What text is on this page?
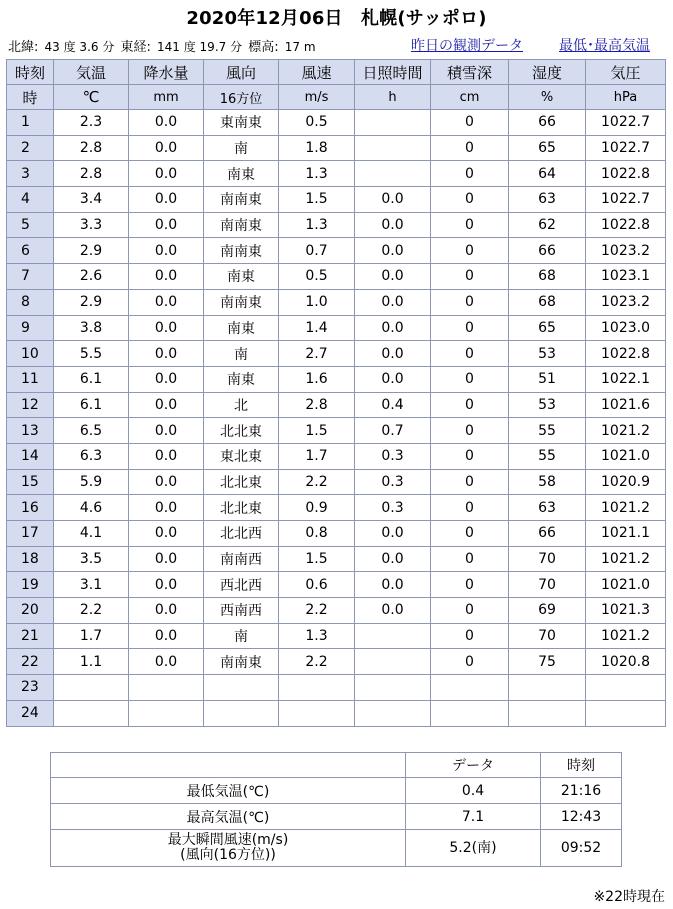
2020年12月06日　札幌(サッポロ)
北緯: 43 度 3.6 分 東経: 141 度 19.7 分 標高: 17 m	昨日の観測データ	最低･最高気温
時刻	気温	降水量	風向	風速	日照時間	積雪深	湿度	気圧
時	℃	mm	16方位	m/s	h	cm	%	hPa
1	2.3	0.0	東南東	0.5		0	66	1022.7
2	2.8	0.0	南	1.8		0	65	1022.7
3	2.8	0.0	南東	1.3		0	64	1022.8
4	3.4	0.0	南南東	1.5	0.0	0	63	1022.7
5	3.3	0.0	南南東	1.3	0.0	0	62	1022.8
6	2.9	0.0	南南東	0.7	0.0	0	66	1023.2
7	2.6	0.0	南東	0.5	0.0	0	68	1023.1
8	2.9	0.0	南南東	1.0	0.0	0	68	1023.2
9	3.8	0.0	南東	1.4	0.0	0	65	1023.0
10	5.5	0.0	南	2.7	0.0	0	53	1022.8
11	6.1	0.0	南東	1.6	0.0	0	51	1022.1
12	6.1	0.0	北	2.8	0.4	0	53	1021.6
13	6.5	0.0	北北東	1.5	0.7	0	55	1021.2
14	6.3	0.0	東北東	1.7	0.3	0	55	1021.0
15	5.9	0.0	北北東	2.2	0.3	0	58	1020.9
16	4.6	0.0	北北東	0.9	0.3	0	63	1021.2
17	4.1	0.0	北北西	0.8	0.0	0	66	1021.1
18	3.5	0.0	南南西	1.5	0.0	0	70	1021.2
19	3.1	0.0	西北西	0.6	0.0	0	70	1021.0
20	2.2	0.0	西南西	2.2	0.0	0	69	1021.3
21	1.7	0.0	南	1.3		0	70	1021.2
22	1.1	0.0	南南東	2.2		0	75	1020.8
23								
24								
	データ	時刻
最低気温(℃)	0.4	21:16
最高気温(℃)	7.1	12:43
最大瞬間風速(m/s)
(風向(16方位))	5.2(南)	09:52
※22時現在
